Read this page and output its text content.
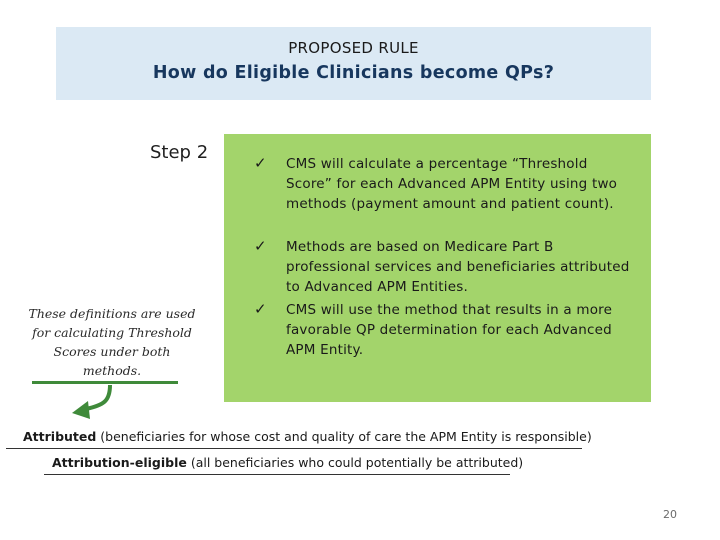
PROPOSED RULE
How do Eligible Clinicians become QPs?
Step 2	✓ CMS will calculate a percentage “Threshold Score” for each Advanced APM Entity using two methods (payment amount and patient count).
✓ Methods are based on Medicare Part B professional services and beneficiaries attributed to Advanced APM Entities.
✓ CMS will use the method that results in a more favorable QP determination for each Advanced APM Entity.
These definitions are used for calculating Threshold Scores under both methods.
Attributed (beneficiaries for whose cost and quality of care the APM Entity is responsible)
Attribution-eligible (all beneficiaries who could potentially be attributed)
20
